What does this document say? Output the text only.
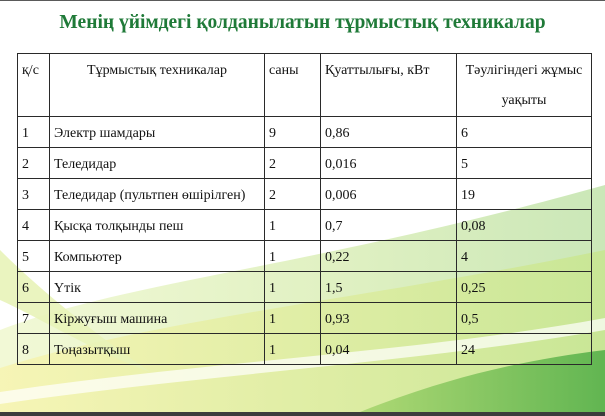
Менің үйімдегі қолданылатын тұрмыстық техникалар
қ/с	Тұрмыстық техникалар	саны	Қуаттылығы, кВт	Тәулігіндегі жұмыс уақыты
1	Электр шамдары	9	0,86	6
2	Теледидар	2	0,016	5
3	Теледидар (пультпен өшірілген)	2	0,006	19
4	Қысқа толқынды пеш	1	0,7	0,08
5	Компьютер	1	0,22	4
6	Үтік	1	1,5	0,25
7	Кіржуғыш машина	1	0,93	0,5
8	Тоңазытқыш	1	0,04	24
